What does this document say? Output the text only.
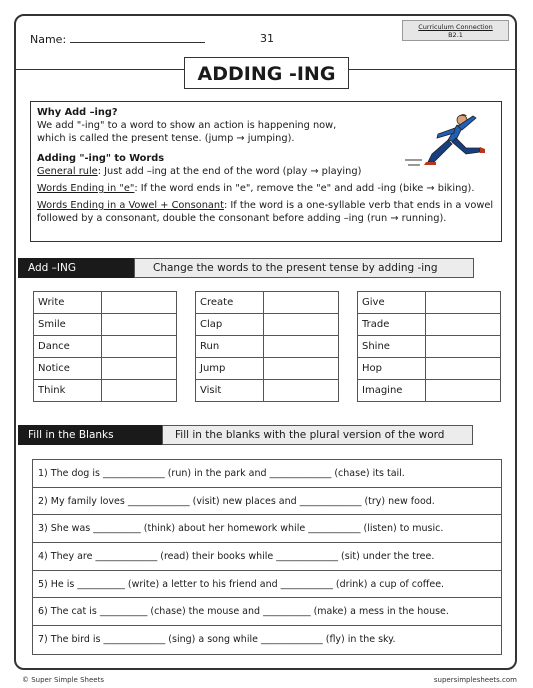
Name:	31
Curriculum Connection
B2.1
ADDING -ING

Why Add –ing?

We add "-ing" to a word to show an action is happening now,

which is called the present tense. (jump → jumping).

Adding "-ing" to Words

General rule: Just add –ing at the end of the word (play → playing)

Words Ending in "e": If the word ends in "e", remove the "e" and add -ing (bike → biking).

Words Ending in a Vowel + Consonant: If the word is a one-syllable verb that ends in a vowel followed by a consonant, double the consonant before adding –ing (run → running).

Add –ING	Change the words to the present tense by adding -ing
Write	
Smile	
Dance	
Notice	
Think	
Create	
Clap	
Run	
Jump	
Visit	
Give	
Trade	
Shine	
Hop	
Imagine	
Fill in the Blanks	Fill in the blanks with the plural version of the word
1) The dog is _____________ (run) in the park and _____________ (chase) its tail.
2) My family loves _____________ (visit) new places and _____________ (try) new food.
3) She was __________ (think) about her homework while ___________ (listen) to music.
4) They are _____________ (read) their books while _____________ (sit) under the tree.
5) He is __________ (write) a letter to his friend and ___________ (drink) a cup of coffee.
6) The cat is __________ (chase) the mouse and __________ (make) a mess in the house.
7) The bird is _____________ (sing) a song while _____________ (fly) in the sky.
© Super Simple Sheets	supersimplesheets.com
